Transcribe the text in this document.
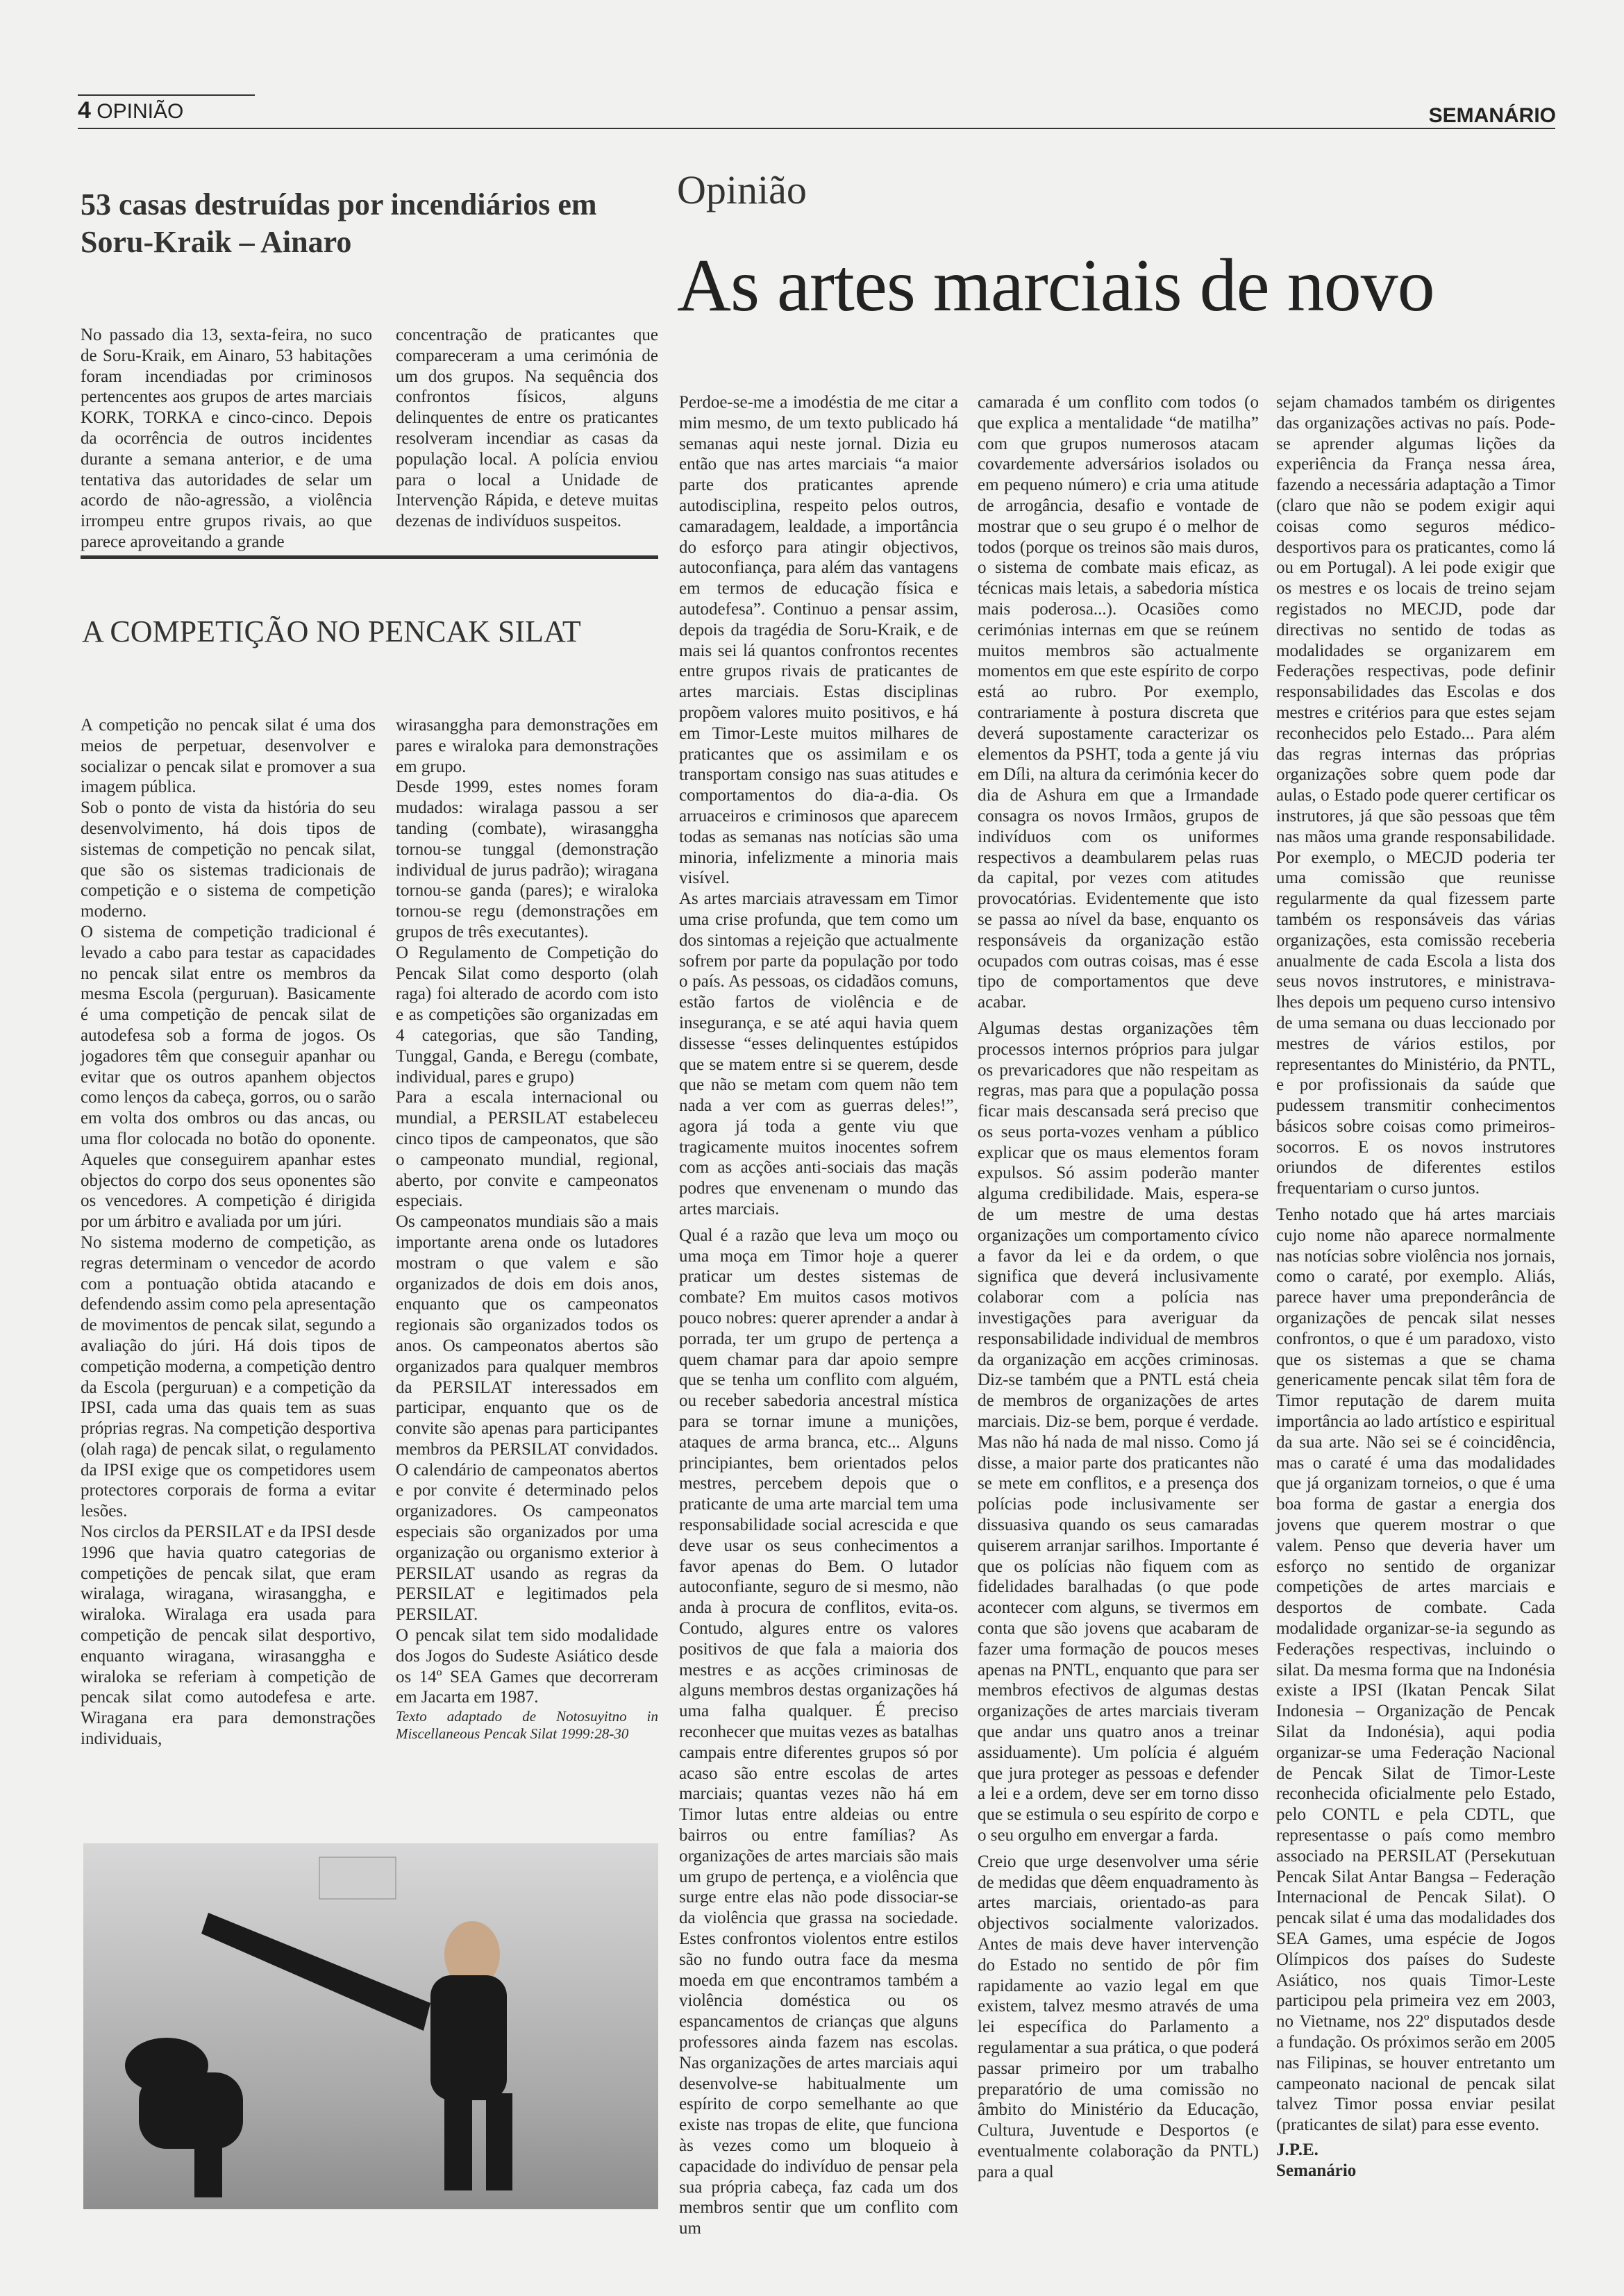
4 OPINIÃO	SEMANÁRIO
53 casas destruídas por incendiários em Soru-Kraik – Ainaro
No passado dia 13, sexta-feira, no suco de Soru-Kraik, em Ainaro, 53 habitações foram incendiadas por criminosos pertencentes aos grupos de artes marciais KORK, TORKA e cinco-cinco. Depois da ocorrência de outros incidentes durante a semana anterior, e de uma tentativa das autoridades de selar um acordo de não-agressão, a violência irrompeu entre grupos rivais, ao que parece aproveitando a grande
concentração de praticantes que compareceram a uma cerimónia de um dos grupos. Na sequência dos confrontos físicos, alguns delinquentes de entre os praticantes resolveram incendiar as casas da população local. A polícia enviou para o local a Unidade de Intervenção Rápida, e deteve muitas dezenas de indivíduos suspeitos.
A COMPETIÇÃO NO PENCAK SILAT

A competição no pencak silat é uma dos meios de perpetuar, desenvolver e socializar o pencak silat e promover a sua imagem pública.

Sob o ponto de vista da história do seu desenvolvimento, há dois tipos de sistemas de competição no pencak silat, que são os sistemas tradicionais de competição e o sistema de competição moderno.

O sistema de competição tradicional é levado a cabo para testar as capacidades no pencak silat entre os membros da mesma Escola (perguruan). Basicamente é uma competição de pencak silat de autodefesa sob a forma de jogos. Os jogadores têm que conseguir apanhar ou evitar que os outros apanhem objectos como lenços da cabeça, gorros, ou o sarão em volta dos ombros ou das ancas, ou uma flor colocada no botão do oponente. Aqueles que conseguirem apanhar estes objectos do corpo dos seus oponentes são os vencedores. A competição é dirigida por um árbitro e avaliada por um júri.

No sistema moderno de competição, as regras determinam o vencedor de acordo com a pontuação obtida atacando e defendendo assim como pela apresentação de movimentos de pencak silat, segundo a avaliação do júri. Há dois tipos de competição moderna, a competição dentro da Escola (perguruan) e a competição da IPSI, cada uma das quais tem as suas próprias regras. Na competição desportiva (olah raga) de pencak silat, o regulamento da IPSI exige que os competidores usem protectores corporais de forma a evitar lesões.

Nos circlos da PERSILAT e da IPSI desde 1996 que havia quatro categorias de competições de pencak silat, que eram wiralaga, wiragana, wirasanggha, e wiraloka. Wiralaga era usada para competição de pencak silat desportivo, enquanto wiragana, wirasanggha e wiraloka se referiam à competição de pencak silat como autodefesa e arte. Wiragana era para demonstrações individuais,

wirasanggha para demonstrações em pares e wiraloka para demonstrações em grupo.

Desde 1999, estes nomes foram mudados: wiralaga passou a ser tanding (combate), wirasanggha tornou-se tunggal (demonstração individual de jurus padrão); wiragana tornou-se ganda (pares); e wiraloka tornou-se regu (demonstrações em grupos de três executantes).

O Regulamento de Competição do Pencak Silat como desporto (olah raga) foi alterado de acordo com isto e as competições são organizadas em 4 categorias, que são Tanding, Tunggal, Ganda, e Beregu (combate, individual, pares e grupo)

Para a escala internacional ou mundial, a PERSILAT estabeleceu cinco tipos de campeonatos, que são o campeonato mundial, regional, aberto, por convite e campeonatos especiais.

Os campeonatos mundiais são a mais importante arena onde os lutadores mostram o que valem e são organizados de dois em dois anos, enquanto que os campeonatos regionais são organizados todos os anos. Os campeonatos abertos são organizados para qualquer membros da PERSILAT interessados em participar, enquanto que os de convite são apenas para participantes membros da PERSILAT convidados. O calendário de campeonatos abertos e por convite é determinado pelos organizadores. Os campeonatos especiais são organizados por uma organização ou organismo exterior à PERSILAT usando as regras da PERSILAT e legitimados pela PERSILAT.

O pencak silat tem sido modalidade dos Jogos do Sudeste Asiático desde os 14º SEA Games que decorreram em Jacarta em 1987.

Texto adaptado de Notosuyitno in Miscellaneous Pencak Silat 1999:28-30

Opinião
As artes marciais de novo

Perdoe-se-me a imodéstia de me citar a mim mesmo, de um texto publicado há semanas aqui neste jornal. Dizia eu então que nas artes marciais “a maior parte dos praticantes aprende autodisciplina, respeito pelos outros, camaradagem, lealdade, a importância do esforço para atingir objectivos, autoconfiança, para além das vantagens em termos de educação física e autodefesa”. Continuo a pensar assim, depois da tragédia de Soru-Kraik, e de mais sei lá quantos confrontos recentes entre grupos rivais de praticantes de artes marciais. Estas disciplinas propõem valores muito positivos, e há em Timor-Leste muitos milhares de praticantes que os assimilam e os transportam consigo nas suas atitudes e comportamentos do dia-a-dia. Os arruaceiros e criminosos que aparecem todas as semanas nas notícias são uma minoria, infelizmente a minoria mais visível.

As artes marciais atravessam em Timor uma crise profunda, que tem como um dos sintomas a rejeição que actualmente sofrem por parte da população por todo o país. As pessoas, os cidadãos comuns, estão fartos de violência e de insegurança, e se até aqui havia quem dissesse “esses delinquentes estúpidos que se matem entre si se querem, desde que não se metam com quem não tem nada a ver com as guerras deles!”, agora já toda a gente viu que tragicamente muitos inocentes sofrem com as acções anti-sociais das maçãs podres que envenenam o mundo das artes marciais.

Qual é a razão que leva um moço ou uma moça em Timor hoje a querer praticar um destes sistemas de combate? Em muitos casos motivos pouco nobres: querer aprender a andar à porrada, ter um grupo de pertença a quem chamar para dar apoio sempre que se tenha um conflito com alguém, ou receber sabedoria ancestral mística para se tornar imune a munições, ataques de arma branca, etc... Alguns principiantes, bem orientados pelos mestres, percebem depois que o praticante de uma arte marcial tem uma responsabilidade social acrescida e que deve usar os seus conhecimentos a favor apenas do Bem. O lutador autoconfiante, seguro de si mesmo, não anda à procura de conflitos, evita-os. Contudo, algures entre os valores positivos de que fala a maioria dos mestres e as acções criminosas de alguns membros destas organizações há uma falha qualquer. É preciso reconhecer que muitas vezes as batalhas campais entre diferentes grupos só por acaso são entre escolas de artes marciais; quantas vezes não há em Timor lutas entre aldeias ou entre bairros ou entre famílias? As organizações de artes marciais são mais um grupo de pertença, e a violência que surge entre elas não pode dissociar-se da violência que grassa na sociedade. Estes confrontos violentos entre estilos são no fundo outra face da mesma moeda em que encontramos também a violência doméstica ou os espancamentos de crianças que alguns professores ainda fazem nas escolas. Nas organizações de artes marciais aqui desenvolve-se habitualmente um espírito de corpo semelhante ao que existe nas tropas de elite, que funciona às vezes como um bloqueio à capacidade do indivíduo de pensar pela sua própria cabeça, faz cada um dos membros sentir que um conflito com um

camarada é um conflito com todos (o que explica a mentalidade “de matilha” com que grupos numerosos atacam covardemente adversários isolados ou em pequeno número) e cria uma atitude de arrogância, desafio e vontade de mostrar que o seu grupo é o melhor de todos (porque os treinos são mais duros, o sistema de combate mais eficaz, as técnicas mais letais, a sabedoria mística mais poderosa...). Ocasiões como cerimónias internas em que se reúnem muitos membros são actualmente momentos em que este espírito de corpo está ao rubro. Por exemplo, contrariamente à postura discreta que deverá supostamente caracterizar os elementos da PSHT, toda a gente já viu em Díli, na altura da cerimónia kecer do dia de Ashura em que a Irmandade consagra os novos Irmãos, grupos de indivíduos com os uniformes respectivos a deambularem pelas ruas da capital, por vezes com atitudes provocatórias. Evidentemente que isto se passa ao nível da base, enquanto os responsáveis da organização estão ocupados com outras coisas, mas é esse tipo de comportamentos que deve acabar.

Algumas destas organizações têm processos internos próprios para julgar os prevaricadores que não respeitam as regras, mas para que a população possa ficar mais descansada será preciso que os seus porta-vozes venham a público explicar que os maus elementos foram expulsos. Só assim poderão manter alguma credibilidade. Mais, espera-se de um mestre de uma destas organizações um comportamento cívico a favor da lei e da ordem, o que significa que deverá inclusivamente colaborar com a polícia nas investigações para averiguar da responsabilidade individual de membros da organização em acções criminosas. Diz-se também que a PNTL está cheia de membros de organizações de artes marciais. Diz-se bem, porque é verdade. Mas não há nada de mal nisso. Como já disse, a maior parte dos praticantes não se mete em conflitos, e a presença dos polícias pode inclusivamente ser dissuasiva quando os seus camaradas quiserem arranjar sarilhos. Importante é que os polícias não fiquem com as fidelidades baralhadas (o que pode acontecer com alguns, se tivermos em conta que são jovens que acabaram de fazer uma formação de poucos meses apenas na PNTL, enquanto que para ser membros efectivos de algumas destas organizações de artes marciais tiveram que andar uns quatro anos a treinar assiduamente). Um polícia é alguém que jura proteger as pessoas e defender a lei e a ordem, deve ser em torno disso que se estimula o seu espírito de corpo e o seu orgulho em envergar a farda.

Creio que urge desenvolver uma série de medidas que dêem enquadramento às artes marciais, orientado-as para objectivos socialmente valorizados. Antes de mais deve haver intervenção do Estado no sentido de pôr fim rapidamente ao vazio legal em que existem, talvez mesmo através de uma lei específica do Parlamento a regulamentar a sua prática, o que poderá passar primeiro por um trabalho preparatório de uma comissão no âmbito do Ministério da Educação, Cultura, Juventude e Desportos (e eventualmente colaboração da PNTL) para a qual

sejam chamados também os dirigentes das organizações activas no país. Pode-se aprender algumas lições da experiência da França nessa área, fazendo a necessária adaptação a Timor (claro que não se podem exigir aqui coisas como seguros médico-desportivos para os praticantes, como lá ou em Portugal). A lei pode exigir que os mestres e os locais de treino sejam registados no MECJD, pode dar directivas no sentido de todas as modalidades se organizarem em Federações respectivas, pode definir responsabilidades das Escolas e dos mestres e critérios para que estes sejam reconhecidos pelo Estado... Para além das regras internas das próprias organizações sobre quem pode dar aulas, o Estado pode querer certificar os instrutores, já que são pessoas que têm nas mãos uma grande responsabilidade. Por exemplo, o MECJD poderia ter uma comissão que reunisse regularmente da qual fizessem parte também os responsáveis das várias organizações, esta comissão receberia anualmente de cada Escola a lista dos seus novos instrutores, e ministrava-lhes depois um pequeno curso intensivo de uma semana ou duas leccionado por mestres de vários estilos, por representantes do Ministério, da PNTL, e por profissionais da saúde que pudessem transmitir conhecimentos básicos sobre coisas como primeiros-socorros. E os novos instrutores oriundos de diferentes estilos frequentariam o curso juntos.

Tenho notado que há artes marciais cujo nome não aparece normalmente nas notícias sobre violência nos jornais, como o caraté, por exemplo. Aliás, parece haver uma preponderância de organizações de pencak silat nesses confrontos, o que é um paradoxo, visto que os sistemas a que se chama genericamente pencak silat têm fora de Timor reputação de darem muita importância ao lado artístico e espiritual da sua arte. Não sei se é coincidência, mas o caraté é uma das modalidades que já organizam torneios, o que é uma boa forma de gastar a energia dos jovens que querem mostrar o que valem. Penso que deveria haver um esforço no sentido de organizar competições de artes marciais e desportos de combate. Cada modalidade organizar-se-ia segundo as Federações respectivas, incluindo o silat. Da mesma forma que na Indonésia existe a IPSI (Ikatan Pencak Silat Indonesia – Organização de Pencak Silat da Indonésia), aqui podia organizar-se uma Federação Nacional de Pencak Silat de Timor-Leste reconhecida oficialmente pelo Estado, pelo CONTL e pela CDTL, que representasse o país como membro associado na PERSILAT (Persekutuan Pencak Silat Antar Bangsa – Federação Internacional de Pencak Silat). O pencak silat é uma das modalidades dos SEA Games, uma espécie de Jogos Olímpicos dos países do Sudeste Asiático, nos quais Timor-Leste participou pela primeira vez em 2003, no Vietname, nos 22º disputados desde a fundação. Os próximos serão em 2005 nas Filipinas, se houver entretanto um campeonato nacional de pencak silat talvez Timor possa enviar pesilat (praticantes de silat) para esse evento.

J.P.E.

Semanário
